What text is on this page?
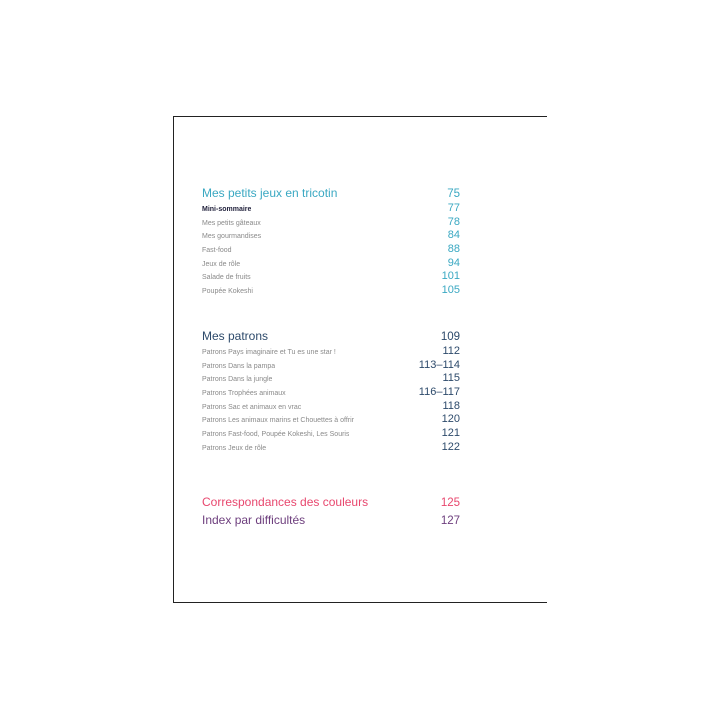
Mes petits jeux en tricotin	75
Mini-sommaire	77
Mes petits gâteaux	78
Mes gourmandises	84
Fast-food	88
Jeux de rôle	94
Salade de fruits	101
Poupée Kokeshi	105
Mes patrons	109
Patrons Pays imaginaire et Tu es une star !	112
Patrons Dans la pampa	113–114
Patrons Dans la jungle	115
Patrons Trophées animaux	116–117
Patrons Sac et animaux en vrac	118
Patrons Les animaux marins et Chouettes à offrir	120
Patrons Fast-food, Poupée Kokeshi, Les Souris	121
Patrons Jeux de rôle	122
Correspondances des couleurs	125
Index par difficultés	127
